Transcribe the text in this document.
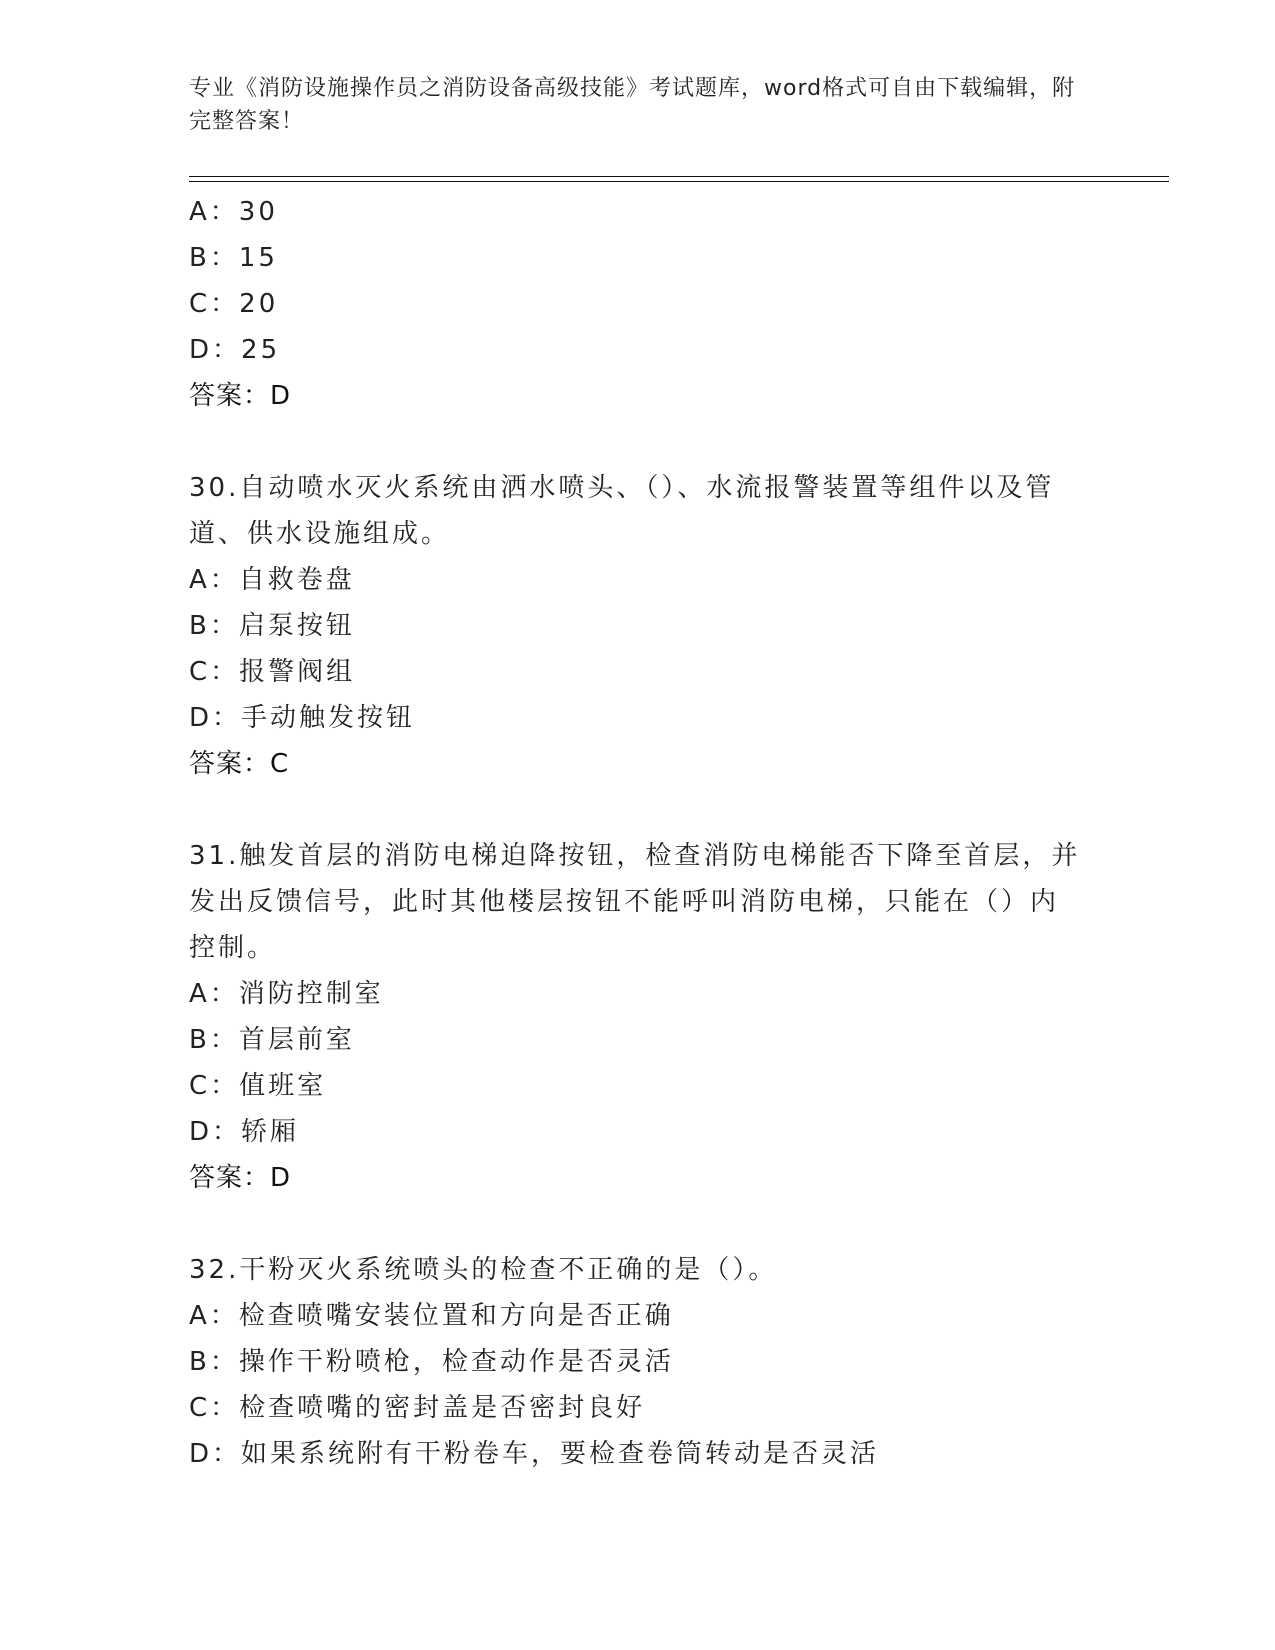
专业《消防设施操作员之消防设备高级技能》考试题库，word格式可自由下载编辑，附完整答案！
A：30
B：15
C：20
D：25
答案：D
30.自动喷水灭火系统由洒水喷头、（）、水流报警装置等组件以及管道、供水设施组成。
A：自救卷盘
B：启泵按钮
C：报警阀组
D：手动触发按钮
答案：C
31.触发首层的消防电梯迫降按钮，检查消防电梯能否下降至首层，并发出反馈信号，此时其他楼层按钮不能呼叫消防电梯，只能在（）内控制。
A：消防控制室
B：首层前室
C：值班室
D：轿厢
答案：D
32.干粉灭火系统喷头的检查不正确的是（）。
A：检查喷嘴安装位置和方向是否正确
B：操作干粉喷枪，检查动作是否灵活
C：检查喷嘴的密封盖是否密封良好
D：如果系统附有干粉卷车，要检查卷筒转动是否灵活
